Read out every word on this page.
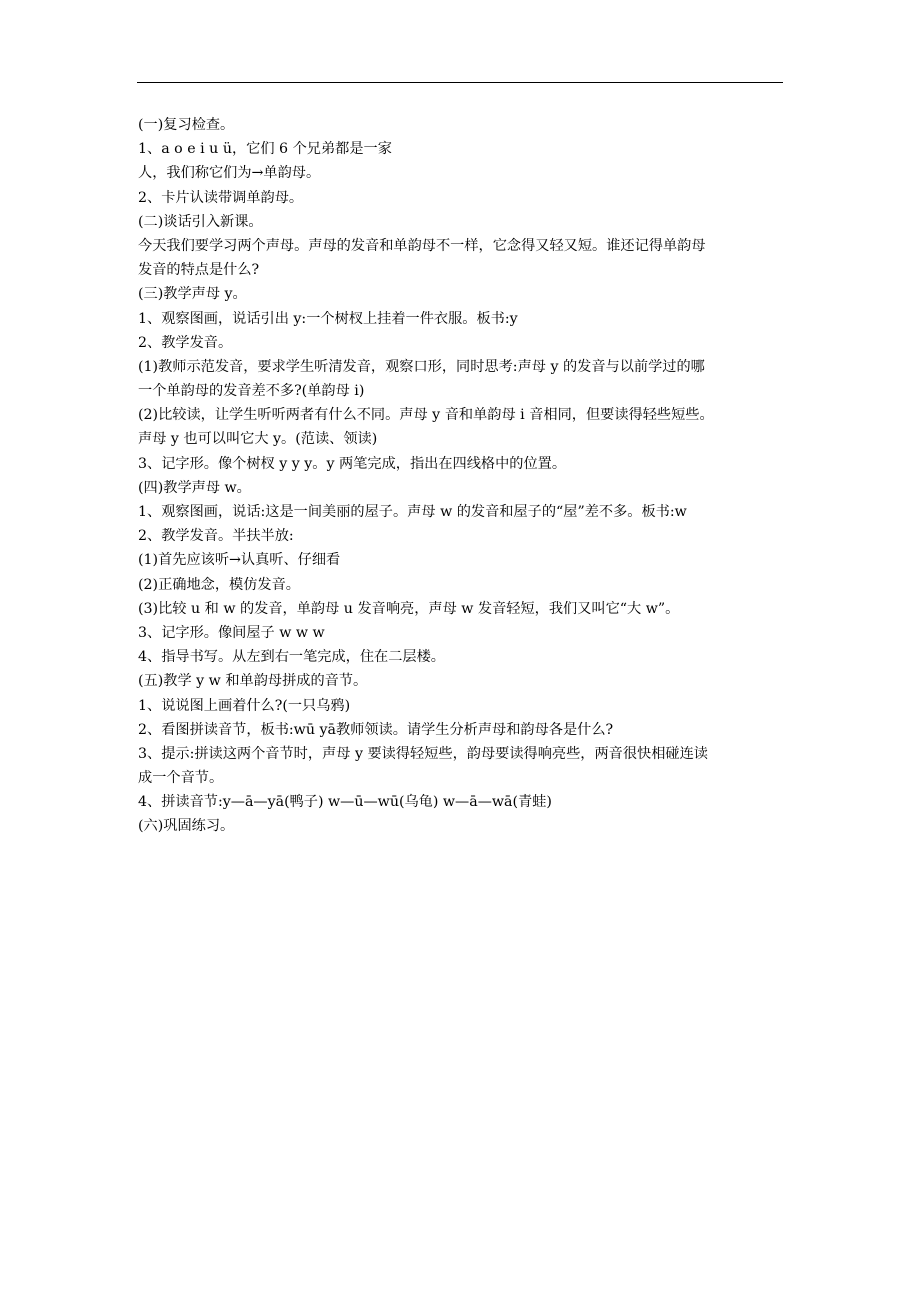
(一)复习检查。
1、a o e i u ü，它们 6 个兄弟都是一家
人，我们称它们为→单韵母。
2、卡片认读带调单韵母。
(二)谈话引入新课。
今天我们要学习两个声母。声母的发音和单韵母不一样，它念得又轻又短。谁还记得单韵母
发音的特点是什么?
(三)教学声母 y。
1、观察图画，说话引出 y:一个树杈上挂着一件衣服。板书:y
2、教学发音。
(1)教师示范发音，要求学生听清发音，观察口形，同时思考:声母 y 的发音与以前学过的哪
一个单韵母的发音差不多?(单韵母 i)
(2)比较读，让学生听听两者有什么不同。声母 y 音和单韵母 i 音相同，但要读得轻些短些。
声母 y 也可以叫它大 y。(范读、领读)
3、记字形。像个树杈 y y y。y 两笔完成，指出在四线格中的位置。
(四)教学声母 w。
1、观察图画，说话:这是一间美丽的屋子。声母 w 的发音和屋子的“屋”差不多。板书:w
2、教学发音。半扶半放:
(1)首先应该听→认真听、仔细看
(2)正确地念，模仿发音。
(3)比较 u 和 w 的发音，单韵母 u 发音响亮，声母 w 发音轻短，我们又叫它“大 w”。
3、记字形。像间屋子 w w w
4、指导书写。从左到右一笔完成，住在二层楼。
(五)教学 y w 和单韵母拼成的音节。
1、说说图上画着什么?(一只乌鸦)
2、看图拼读音节，板书:wū yā教师领读。请学生分析声母和韵母各是什么?
3、提示:拼读这两个音节时，声母 y 要读得轻短些，韵母要读得响亮些，两音很快相碰连读
成一个音节。
4、拼读音节:y—ā—yā(鸭子) w—ū—wū(乌龟) w—ā—wā(青蛙)
(六)巩固练习。
